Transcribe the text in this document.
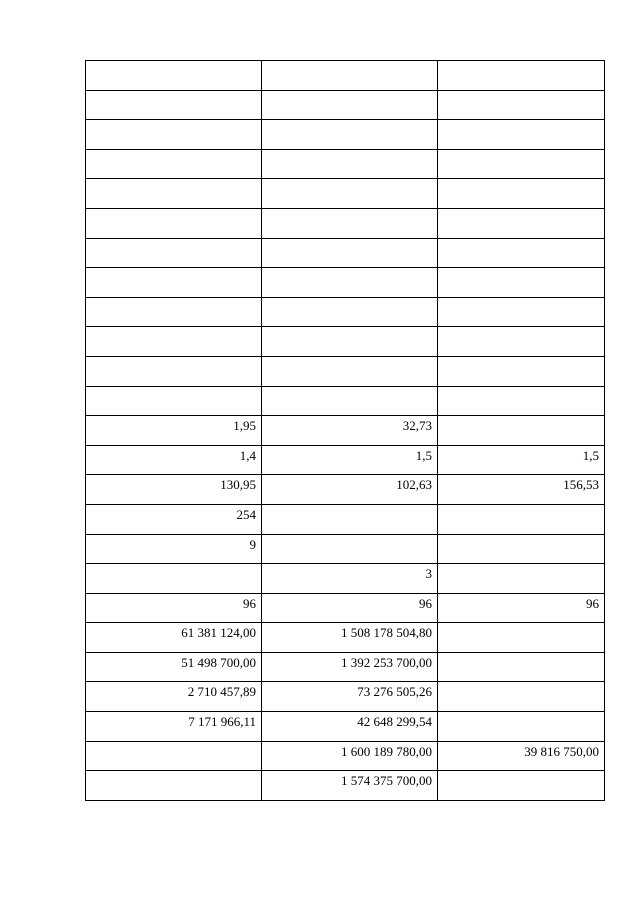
1,95	32,73	
1,4	1,5	1,5
130,95	102,63	156,53
254		
9		
	3	
96	96	96
61 381 124,00	1 508 178 504,80	
51 498 700,00	1 392 253 700,00	
2 710 457,89	73 276 505,26	
7 171 966,11	42 648 299,54	
	1 600 189 780,00	39 816 750,00
	1 574 375 700,00	
